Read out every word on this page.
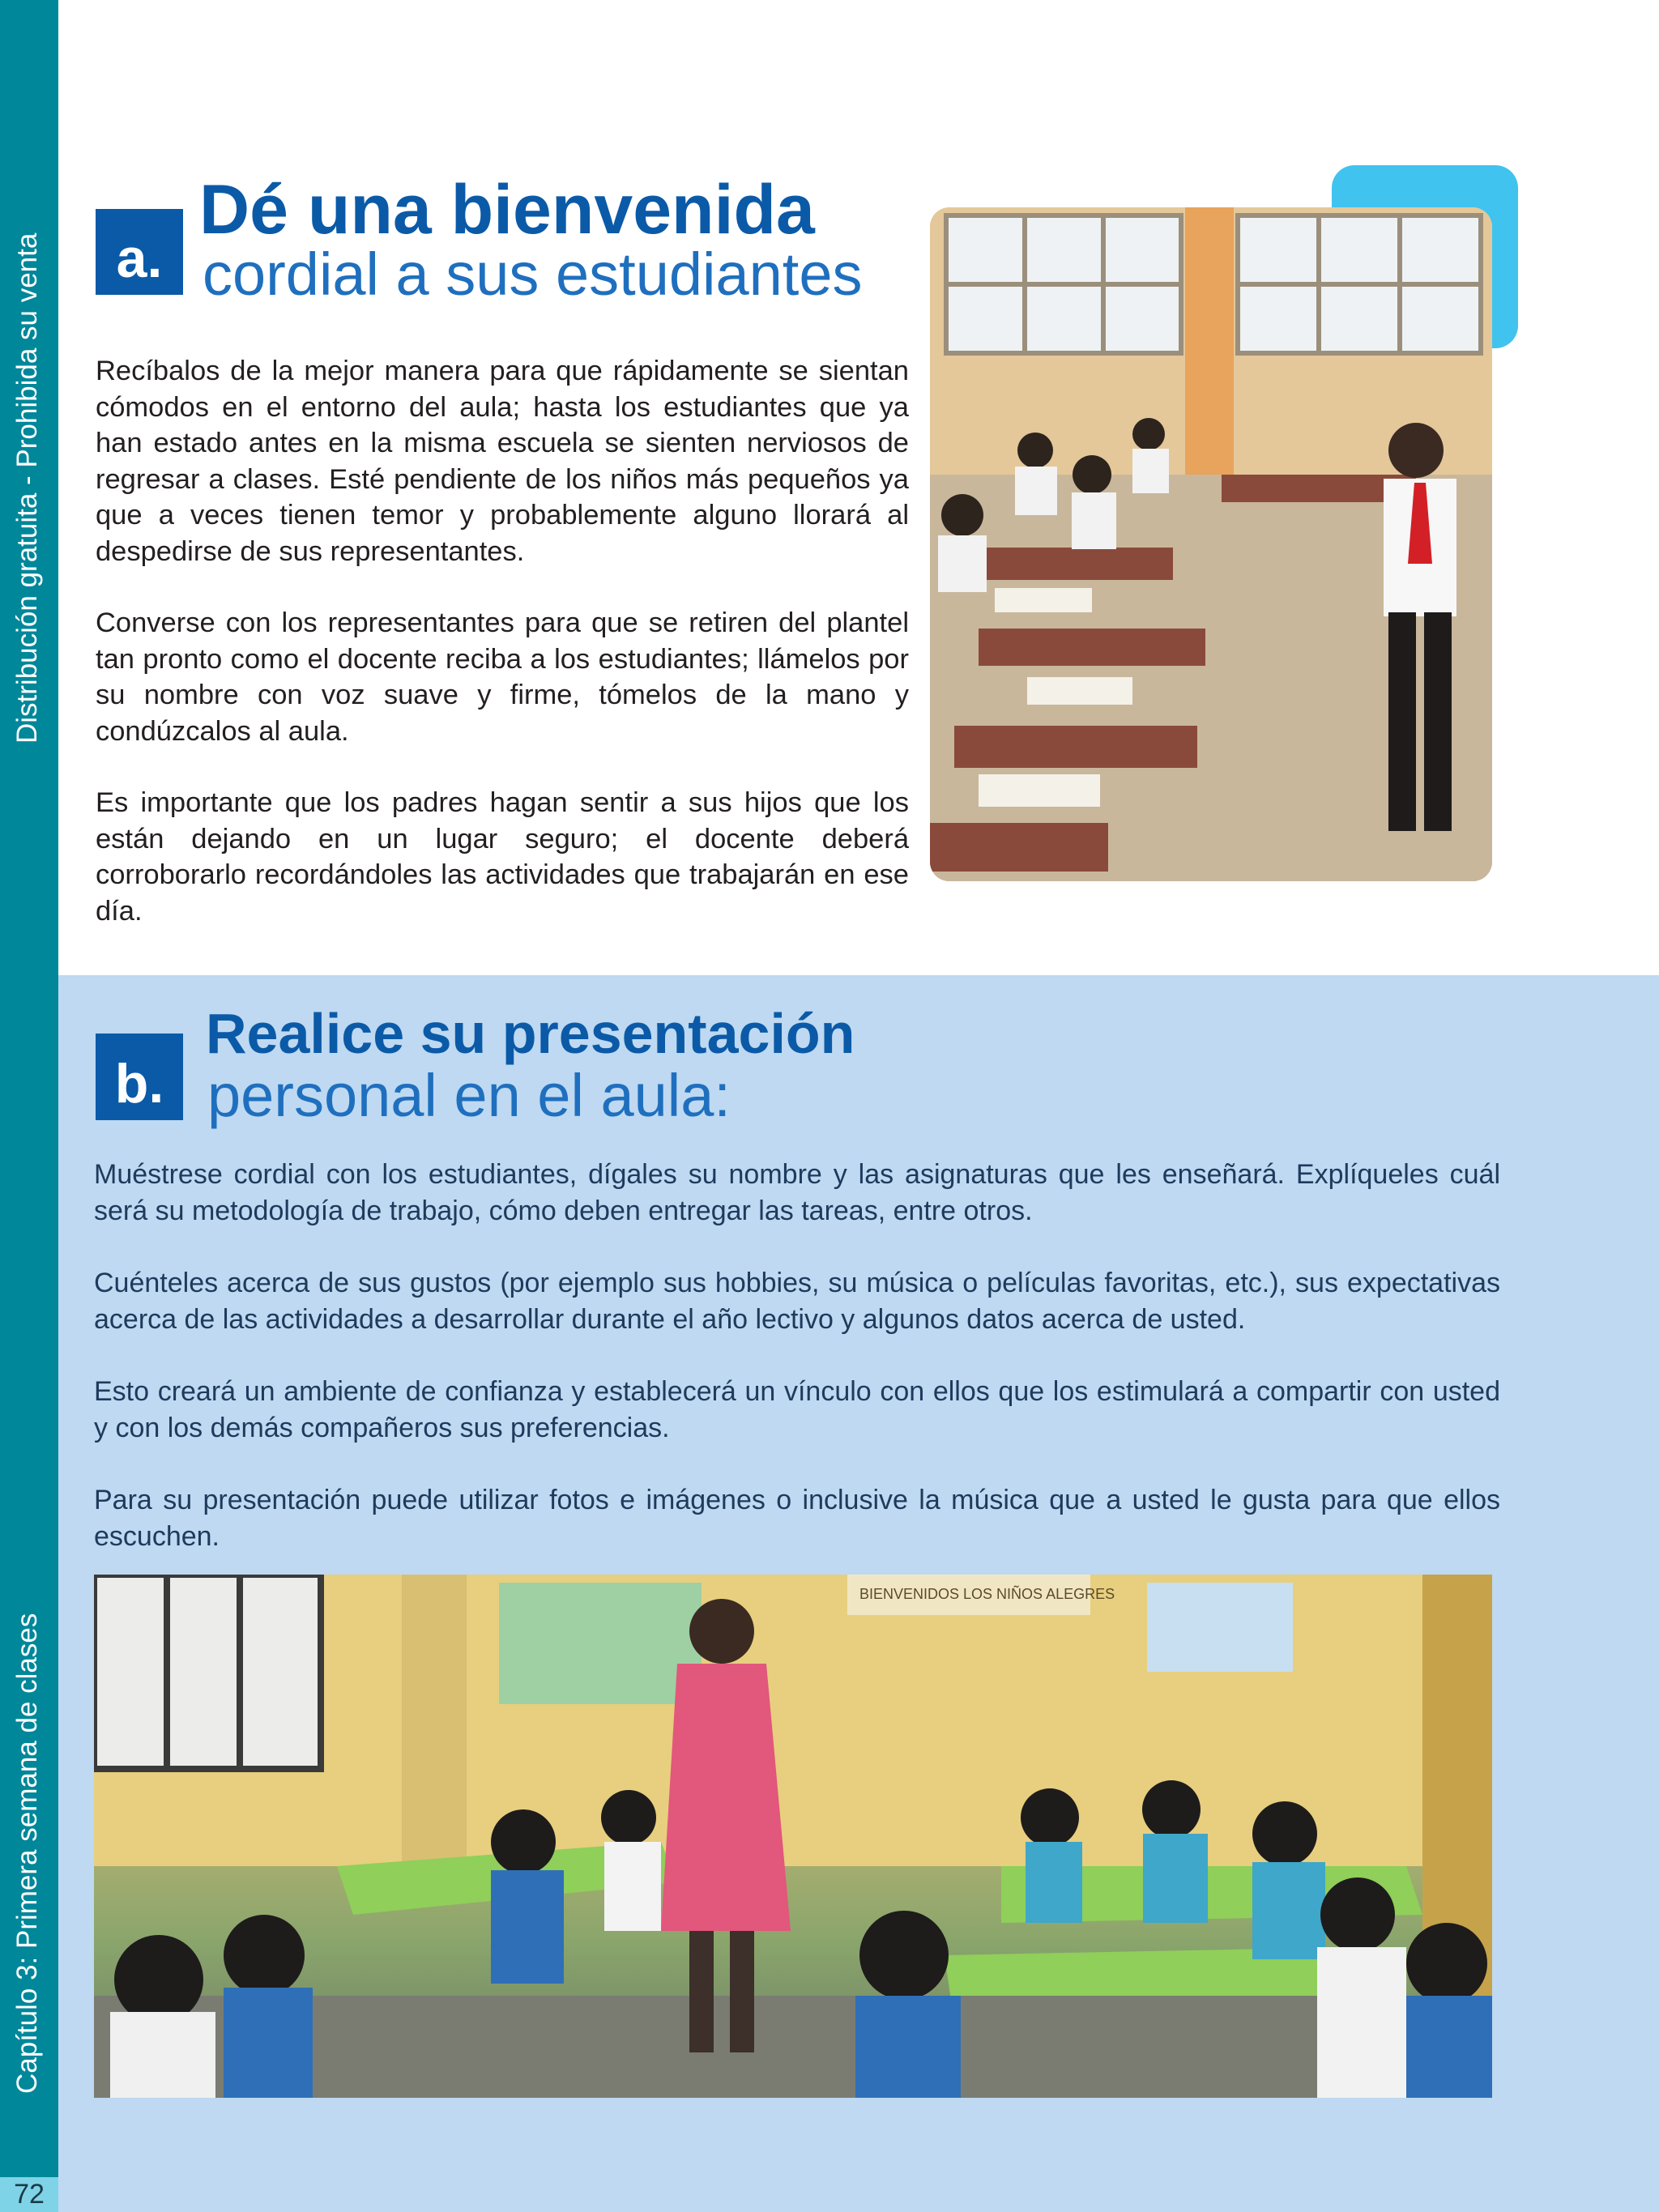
Distribución gratuita - Prohibida su venta
Capítulo 3: Primera semana de clases
72
a.
Dé una bienvenida
cordial a sus estudiantes

Recíbalos de la mejor manera para que rápidamente se sientan cómodos en el entorno del aula; hasta los estudiantes que ya han estado antes en la misma escuela se sienten nerviosos de regresar a clases. Esté pendiente de los niños más pequeños ya que a veces tienen temor y probablemente alguno llorará al despedirse de sus representantes.

Converse con los representantes para que se retiren del plantel tan pronto como el docente reciba a los estudiantes; llámelos por su nombre con voz suave y firme, tómelos de la mano y condúzcalos al aula.

Es importante que los padres hagan sentir a sus hijos que los están dejando en un lugar seguro; el docente deberá corroborarlo recordándoles las actividades que trabajarán en ese día.

b.
Realice su presentación
personal en el aula:

Muéstrese cordial con los estudiantes, dígales su nombre y las asignaturas que les enseñará. Explíqueles cuál será su metodología de trabajo, cómo deben entregar las tareas, entre otros.

Cuénteles acerca de sus gustos (por ejemplo sus hobbies, su música o películas favoritas, etc.), sus expectativas acerca de las actividades a desarrollar durante el año lectivo y algunos datos acerca de usted.

Esto creará un ambiente de confianza y establecerá un vínculo con ellos que los estimulará a compartir con usted y con los demás compañeros sus preferencias.

Para su presentación puede utilizar fotos e imágenes o inclusive la música que a usted le gusta para que ellos escuchen.

BIENVENIDOS LOS NIÑOS ALEGRES
